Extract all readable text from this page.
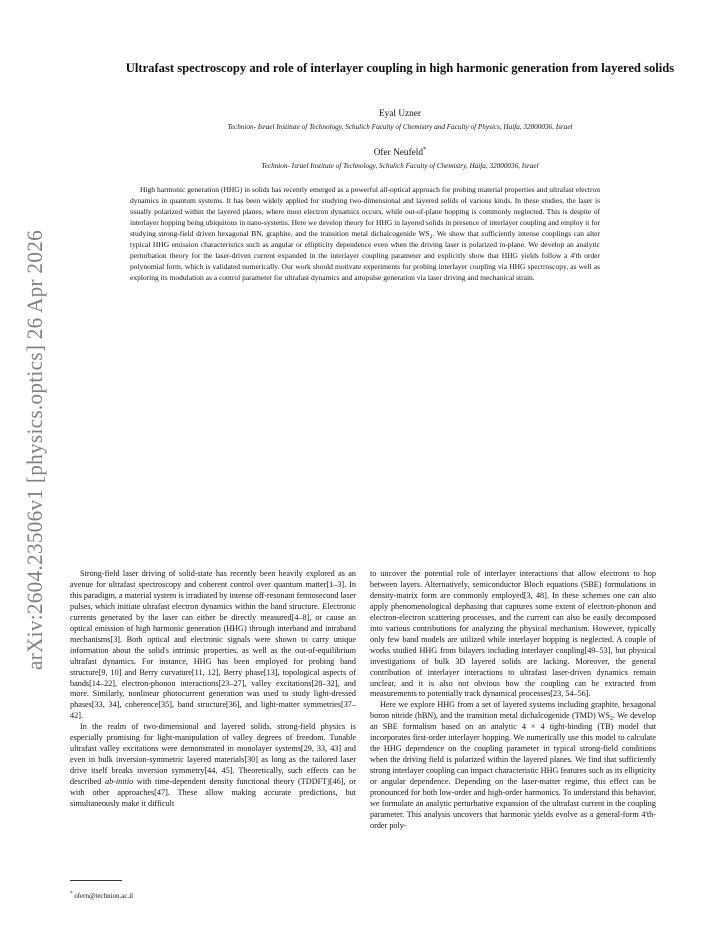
arXiv:2604.23506v1 [physics.optics] 26 Apr 2026
Ultrafast spectroscopy and role of interlayer coupling in high harmonic generation from layered solids
Eyal Uzner
Technion- Israel Institute of Technology, Schulich Faculty of Chemistry and Faculty of Physics, Haifa, 32000036, Israel
Ofer Neufeld*
Technion- Israel Institute of Technology, Schulich Faculty of Chemistry, Haifa, 32000036, Israel

High harmonic generation (HHG) in solids has recently emerged as a powerful all-optical approach for probing material properties and ultrafast electron dynamics in quantum systems. It has been widely applied for studying two-dimensional and layered solids of various kinds. In these studies, the laser is usually polarized within the layered planes, where most electron dynamics occurs, while out-of-plane hopping is commonly neglected. This is despite of interlayer hopping being ubiquitous in nano-systems. Here we develop theory for HHG in layered solids in presence of interlayer coupling and employ it for studying strong-field driven hexagonal BN, graphite, and the transition metal dichalcogenide $WS_2$. We show that sufficiently intense couplings can alter typical HHG emission characteristics such as angular or ellipticity dependence even when the driving laser is polarized in-plane. We develop an analytic perturbation theory for the laser-driven current expanded in the interlayer coupling parameter and explicitly show that HHG yields follow a 4'th order polynomial form, which is validated numerically. Our work should motivate experiments for probing interlayer coupling via HHG spectroscopy, as well as exploring its modulation as a control parameter for ultrafast dynamics and attopulse generation via laser driving and mechanical strain.

Strong-field laser driving of solid-state has recently been heavily explored as an avenue for ultrafast spectroscopy and coherent control over quantum matter[1–3]. In this paradigm, a material system is irradiated by intense off-resonant femtosecond laser pulses, which initiate ultrafast electron dynamics within the band structure. Electronic currents generated by the laser can either be directly measured[4–8], or cause an optical emission of high harmonic generation (HHG) through interband and intraband mechanisms[3]. Both optical and electronic signals were shown to carry unique information about the solid's intrinsic properties, as well as the out-of-equilibrium ultrafast dynamics. For instance, HHG has been employed for probing band structure[9, 10] and Berry curvature[11, 12], Berry phase[13], topological aspects of bands[14–22], electron-phonon interactions[23–27], valley excitations[28–32], and more. Similarly, nonlinear photocurrent generation was used to study light-dressed phases[33, 34], coherence[35], band structure[36], and light-matter symmetries[37–42].

In the realm of two-dimensional and layered solids, strong-field physics is especially promising for light-manipulation of valley degrees of freedom. Tunable ultrafast valley excitations were demonstrated in monolayer systems[29, 33, 43] and even in bulk inversion-symmetric layered materials[30] as long as the tailored laser drive itself breaks inversion symmetry[44, 45]. Theoretically, such effects can be described ab-initio with time-dependent density functional theory (TDDFT)[46], or with other approaches[47]. These allow making accurate predictions, but simultaneously make it difficult

to uncover the potential role of interlayer interactions that allow electrons to hop between layers. Alternatively, semiconductor Bloch equations (SBE) formulations in density-matrix form are commonly employed[3, 48]. In these schemes one can also apply phenomenological dephasing that captures some extent of electron-phonon and electron-electron scattering processes, and the current can also be easily decomposed into various contributions for analyzing the physical mechanism. However, typically only few band models are utilized while interlayer hopping is neglected. A couple of works studied HHG from bilayers including interlayer coupling[49–53], but physical investigations of bulk 3D layered solids are lacking. Moreover, the general contribution of interlayer interactions to ultrafast laser-driven dynamics remain unclear, and it is also not obvious how the coupling can be extracted from measurements to potentially track dynamical processes[23, 54–56].

Here we explore HHG from a set of layered systems including graphite, hexagonal boron nitride (hBN), and the transition metal dichalcogenide (TMD) $WS_2$. We develop an SBE formalism based on an analytic 4 × 4 tight-binding (TB) model that incorporates first-order interlayer hopping. We numerically use this model to calculate the HHG dependence on the coupling parameter in typical strong-field conditions when the driving field is polarized within the layered planes. We find that sufficiently strong interlayer coupling can impact characteristic HHG features such as its ellipticity or angular dependence. Depending on the laser-matter regime, this effect can be pronounced for both low-order and high-order harmonics. To understand this behavior, we formulate an analytic perturbative expansion of the ultrafast current in the coupling parameter. This analysis uncovers that harmonic yields evolve as a general-form 4'th-order poly-

* ofern@technion.ac.il
